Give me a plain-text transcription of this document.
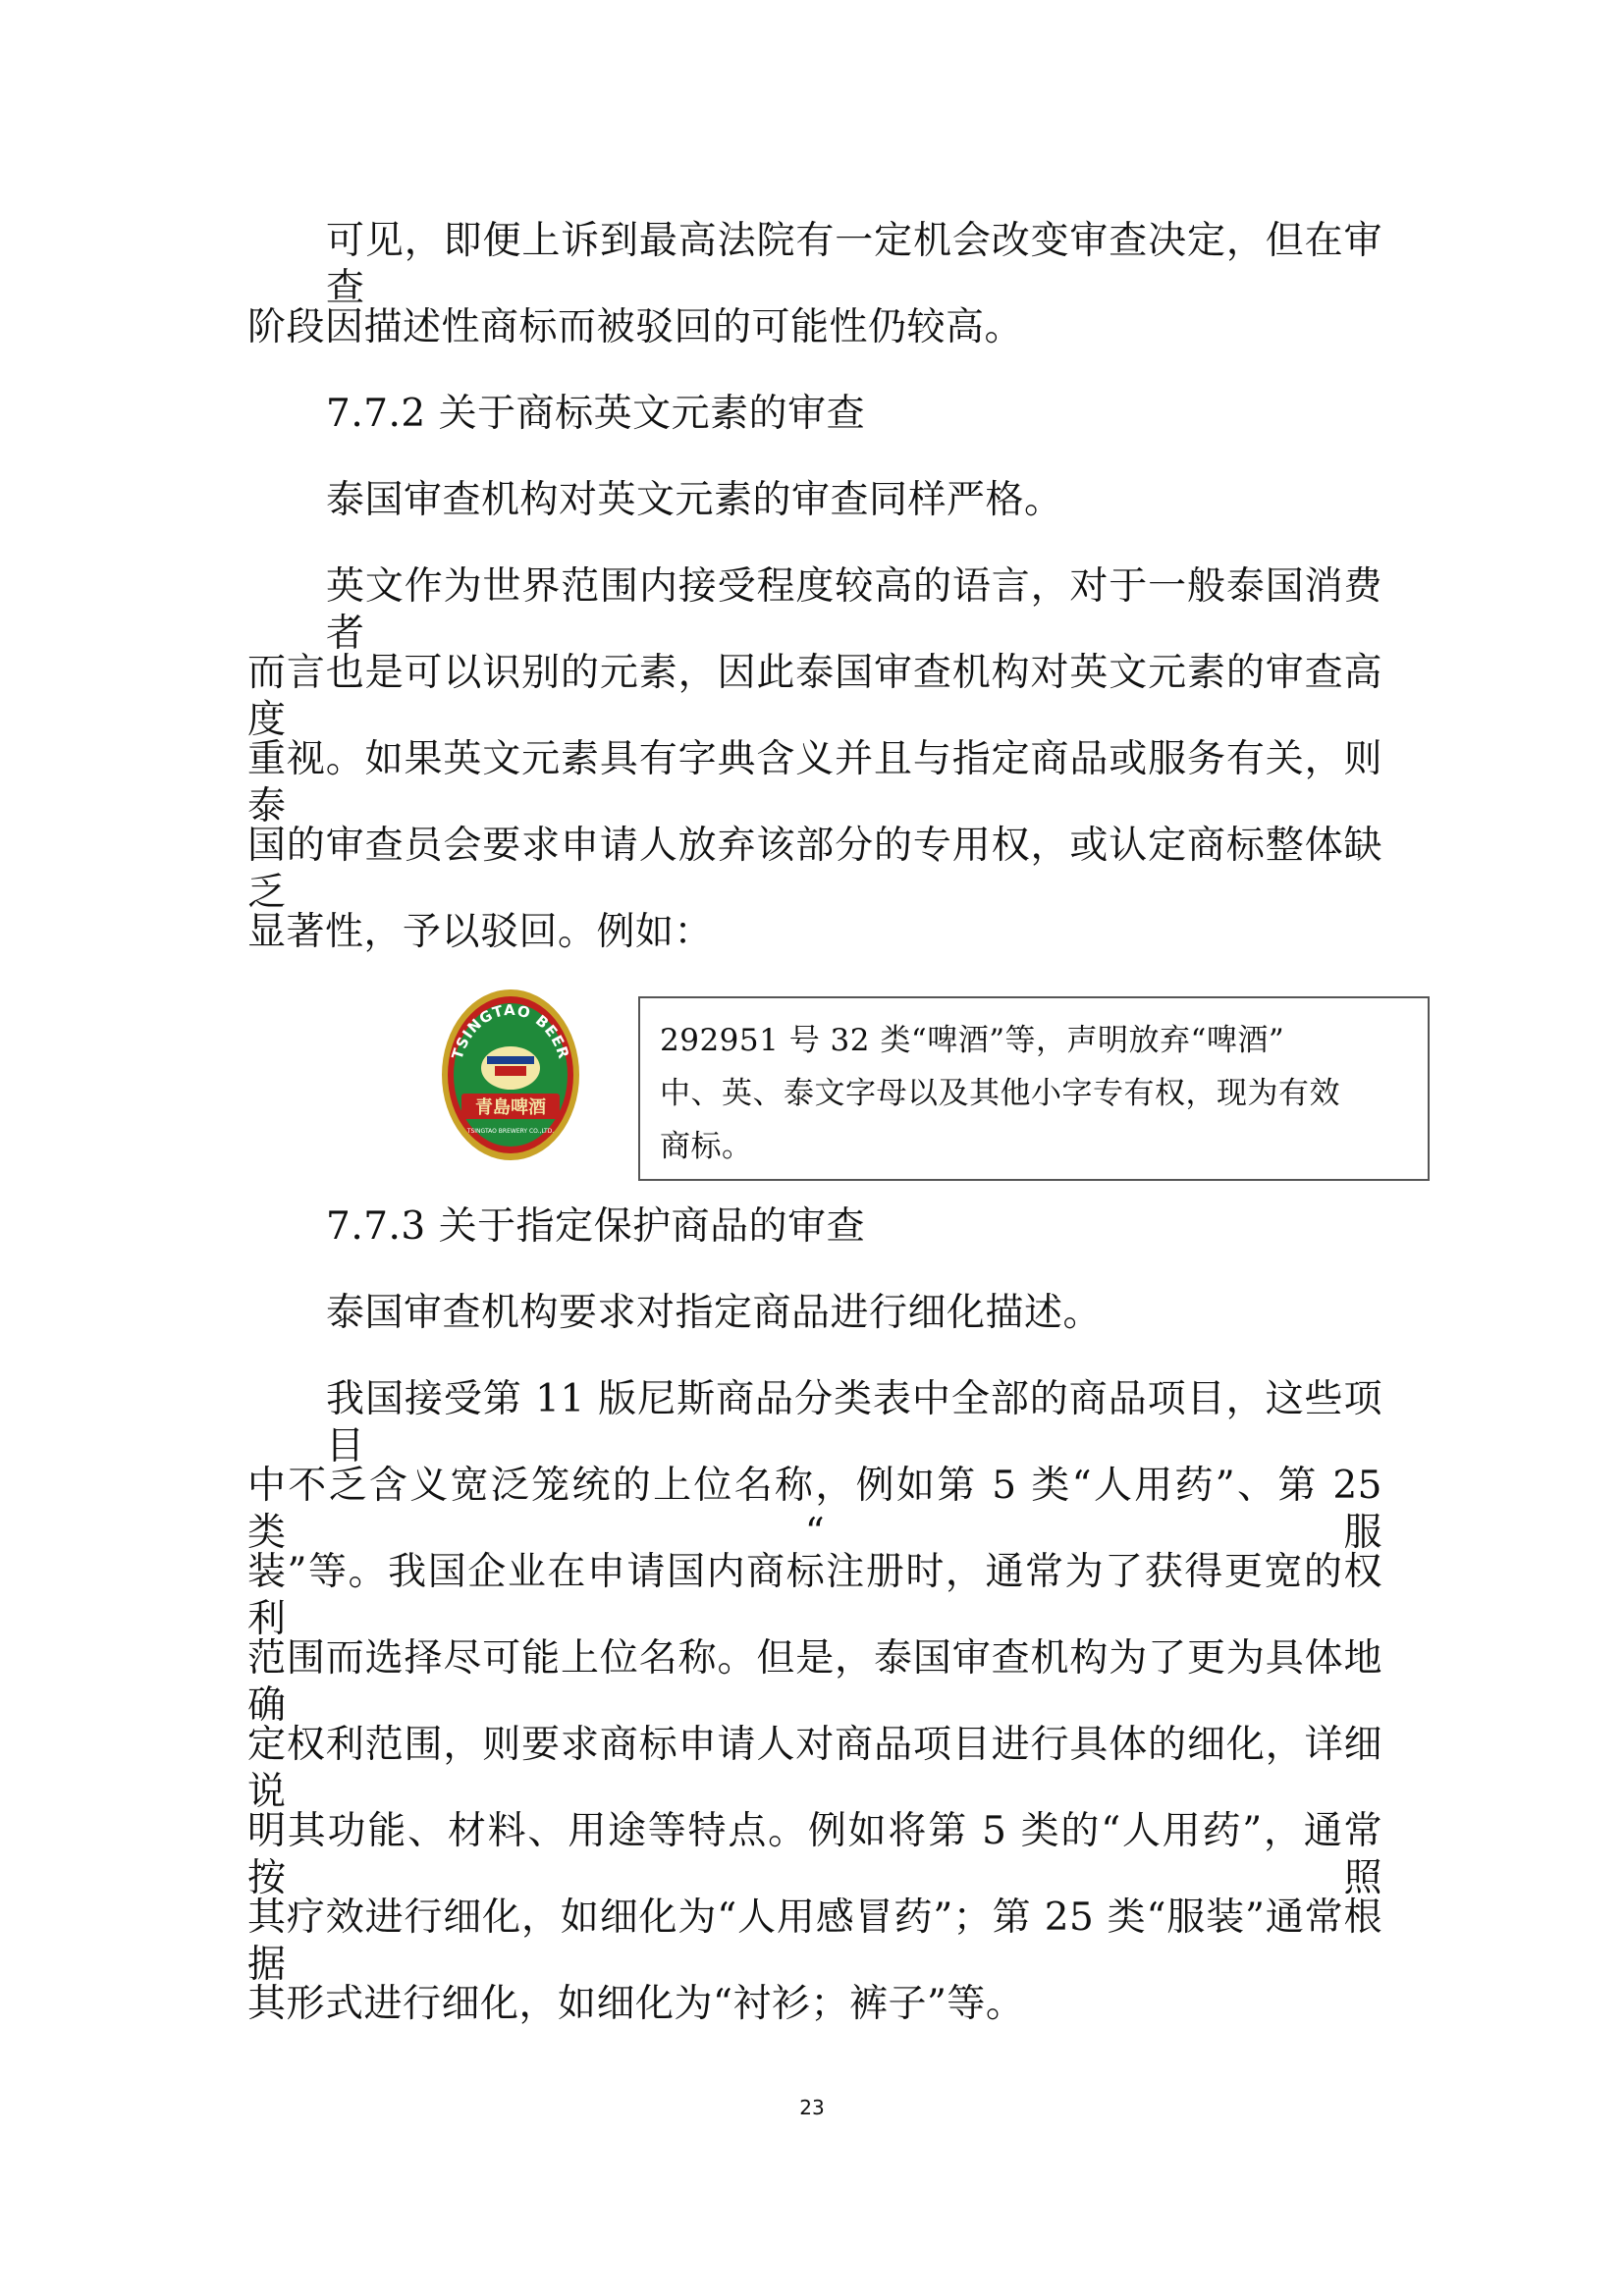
可见，即便上诉到最高法院有一定机会改变审查决定，但在审查
阶段因描述性商标而被驳回的可能性仍较高。
7.7.2 关于商标英文元素的审查
泰国审查机构对英文元素的审查同样严格。
英文作为世界范围内接受程度较高的语言，对于一般泰国消费者
而言也是可以识别的元素，因此泰国审查机构对英文元素的审查高度
重视。如果英文元素具有字典含义并且与指定商品或服务有关，则泰
国的审查员会要求申请人放弃该部分的专用权，或认定商标整体缺乏
显著性，予以驳回。例如：
TSINGTAO BEER
青島啤酒
TSINGTAO BREWERY CO.,LTD.
292951 号 32 类“啤酒”等，声明放弃“啤酒”
中、英、泰文字母以及其他小字专有权，现为有效
商标。
7.7.3 关于指定保护商品的审查
泰国审查机构要求对指定商品进行细化描述。
我国接受第 11 版尼斯商品分类表中全部的商品项目，这些项目
中不乏含义宽泛笼统的上位名称，例如第 5 类“人用药”、第 25 类“服
装”等。我国企业在申请国内商标注册时，通常为了获得更宽的权利
范围而选择尽可能上位名称。但是，泰国审查机构为了更为具体地确
定权利范围，则要求商标申请人对商品项目进行具体的细化，详细说
明其功能、材料、用途等特点。例如将第 5 类的“人用药”，通常按照
其疗效进行细化，如细化为“人用感冒药”；第 25 类“服装”通常根据
其形式进行细化，如细化为“衬衫；裤子”等。
23
